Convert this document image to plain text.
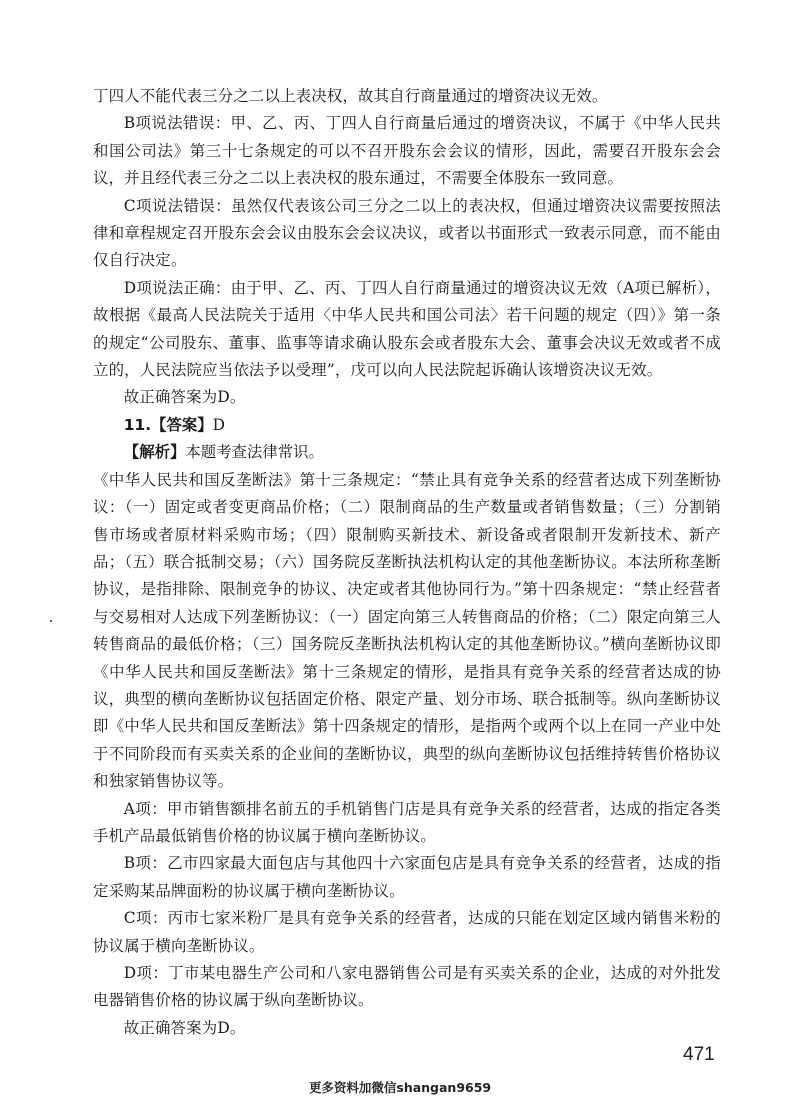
丁四人不能代表三分之二以上表决权，故其自行商量通过的增资决议无效。

B项说法错误：甲、乙、丙、丁四人自行商量后通过的增资决议，不属于《中华人民共和国公司法》第三十七条规定的可以不召开股东会会议的情形，因此，需要召开股东会会议，并且经代表三分之二以上表决权的股东通过，不需要全体股东一致同意。

C项说法错误：虽然仅代表该公司三分之二以上的表决权，但通过增资决议需要按照法律和章程规定召开股东会会议由股东会会议决议，或者以书面形式一致表示同意，而不能由仅自行决定。

D项说法正确：由于甲、乙、丙、丁四人自行商量通过的增资决议无效（A项已解析），故根据《最高人民法院关于适用〈中华人民共和国公司法〉若干问题的规定（四）》第一条的规定“公司股东、董事、监事等请求确认股东会或者股东大会、董事会决议无效或者不成立的，人民法院应当依法予以受理”，戊可以向人民法院起诉确认该增资决议无效。

故正确答案为D。

11.【答案】D

【解析】本题考查法律常识。

《中华人民共和国反垄断法》第十三条规定：“禁止具有竞争关系的经营者达成下列垄断协议：（一）固定或者变更商品价格；（二）限制商品的生产数量或者销售数量；（三）分割销售市场或者原材料采购市场；（四）限制购买新技术、新设备或者限制开发新技术、新产品；（五）联合抵制交易；（六）国务院反垄断执法机构认定的其他垄断协议。本法所称垄断协议，是指排除、限制竞争的协议、决定或者其他协同行为。”第十四条规定：“禁止经营者与交易相对人达成下列垄断协议：（一）固定向第三人转售商品的价格；（二）限定向第三人转售商品的最低价格；（三）国务院反垄断执法机构认定的其他垄断协议。”横向垄断协议即《中华人民共和国反垄断法》第十三条规定的情形，是指具有竞争关系的经营者达成的协议，典型的横向垄断协议包括固定价格、限定产量、划分市场、联合抵制等。纵向垄断协议即《中华人民共和国反垄断法》第十四条规定的情形，是指两个或两个以上在同一产业中处于不同阶段而有买卖关系的企业间的垄断协议，典型的纵向垄断协议包括维持转售价格协议和独家销售协议等。

A项：甲市销售额排名前五的手机销售门店是具有竞争关系的经营者，达成的指定各类手机产品最低销售价格的协议属于横向垄断协议。

B项：乙市四家最大面包店与其他四十六家面包店是具有竞争关系的经营者，达成的指定采购某品牌面粉的协议属于横向垄断协议。

C项：丙市七家米粉厂是具有竞争关系的经营者，达成的只能在划定区域内销售米粉的协议属于横向垄断协议。

D项：丁市某电器生产公司和八家电器销售公司是有买卖关系的企业，达成的对外批发电器销售价格的协议属于纵向垄断协议。

故正确答案为D。

471
更多资料加微信shangan9659
